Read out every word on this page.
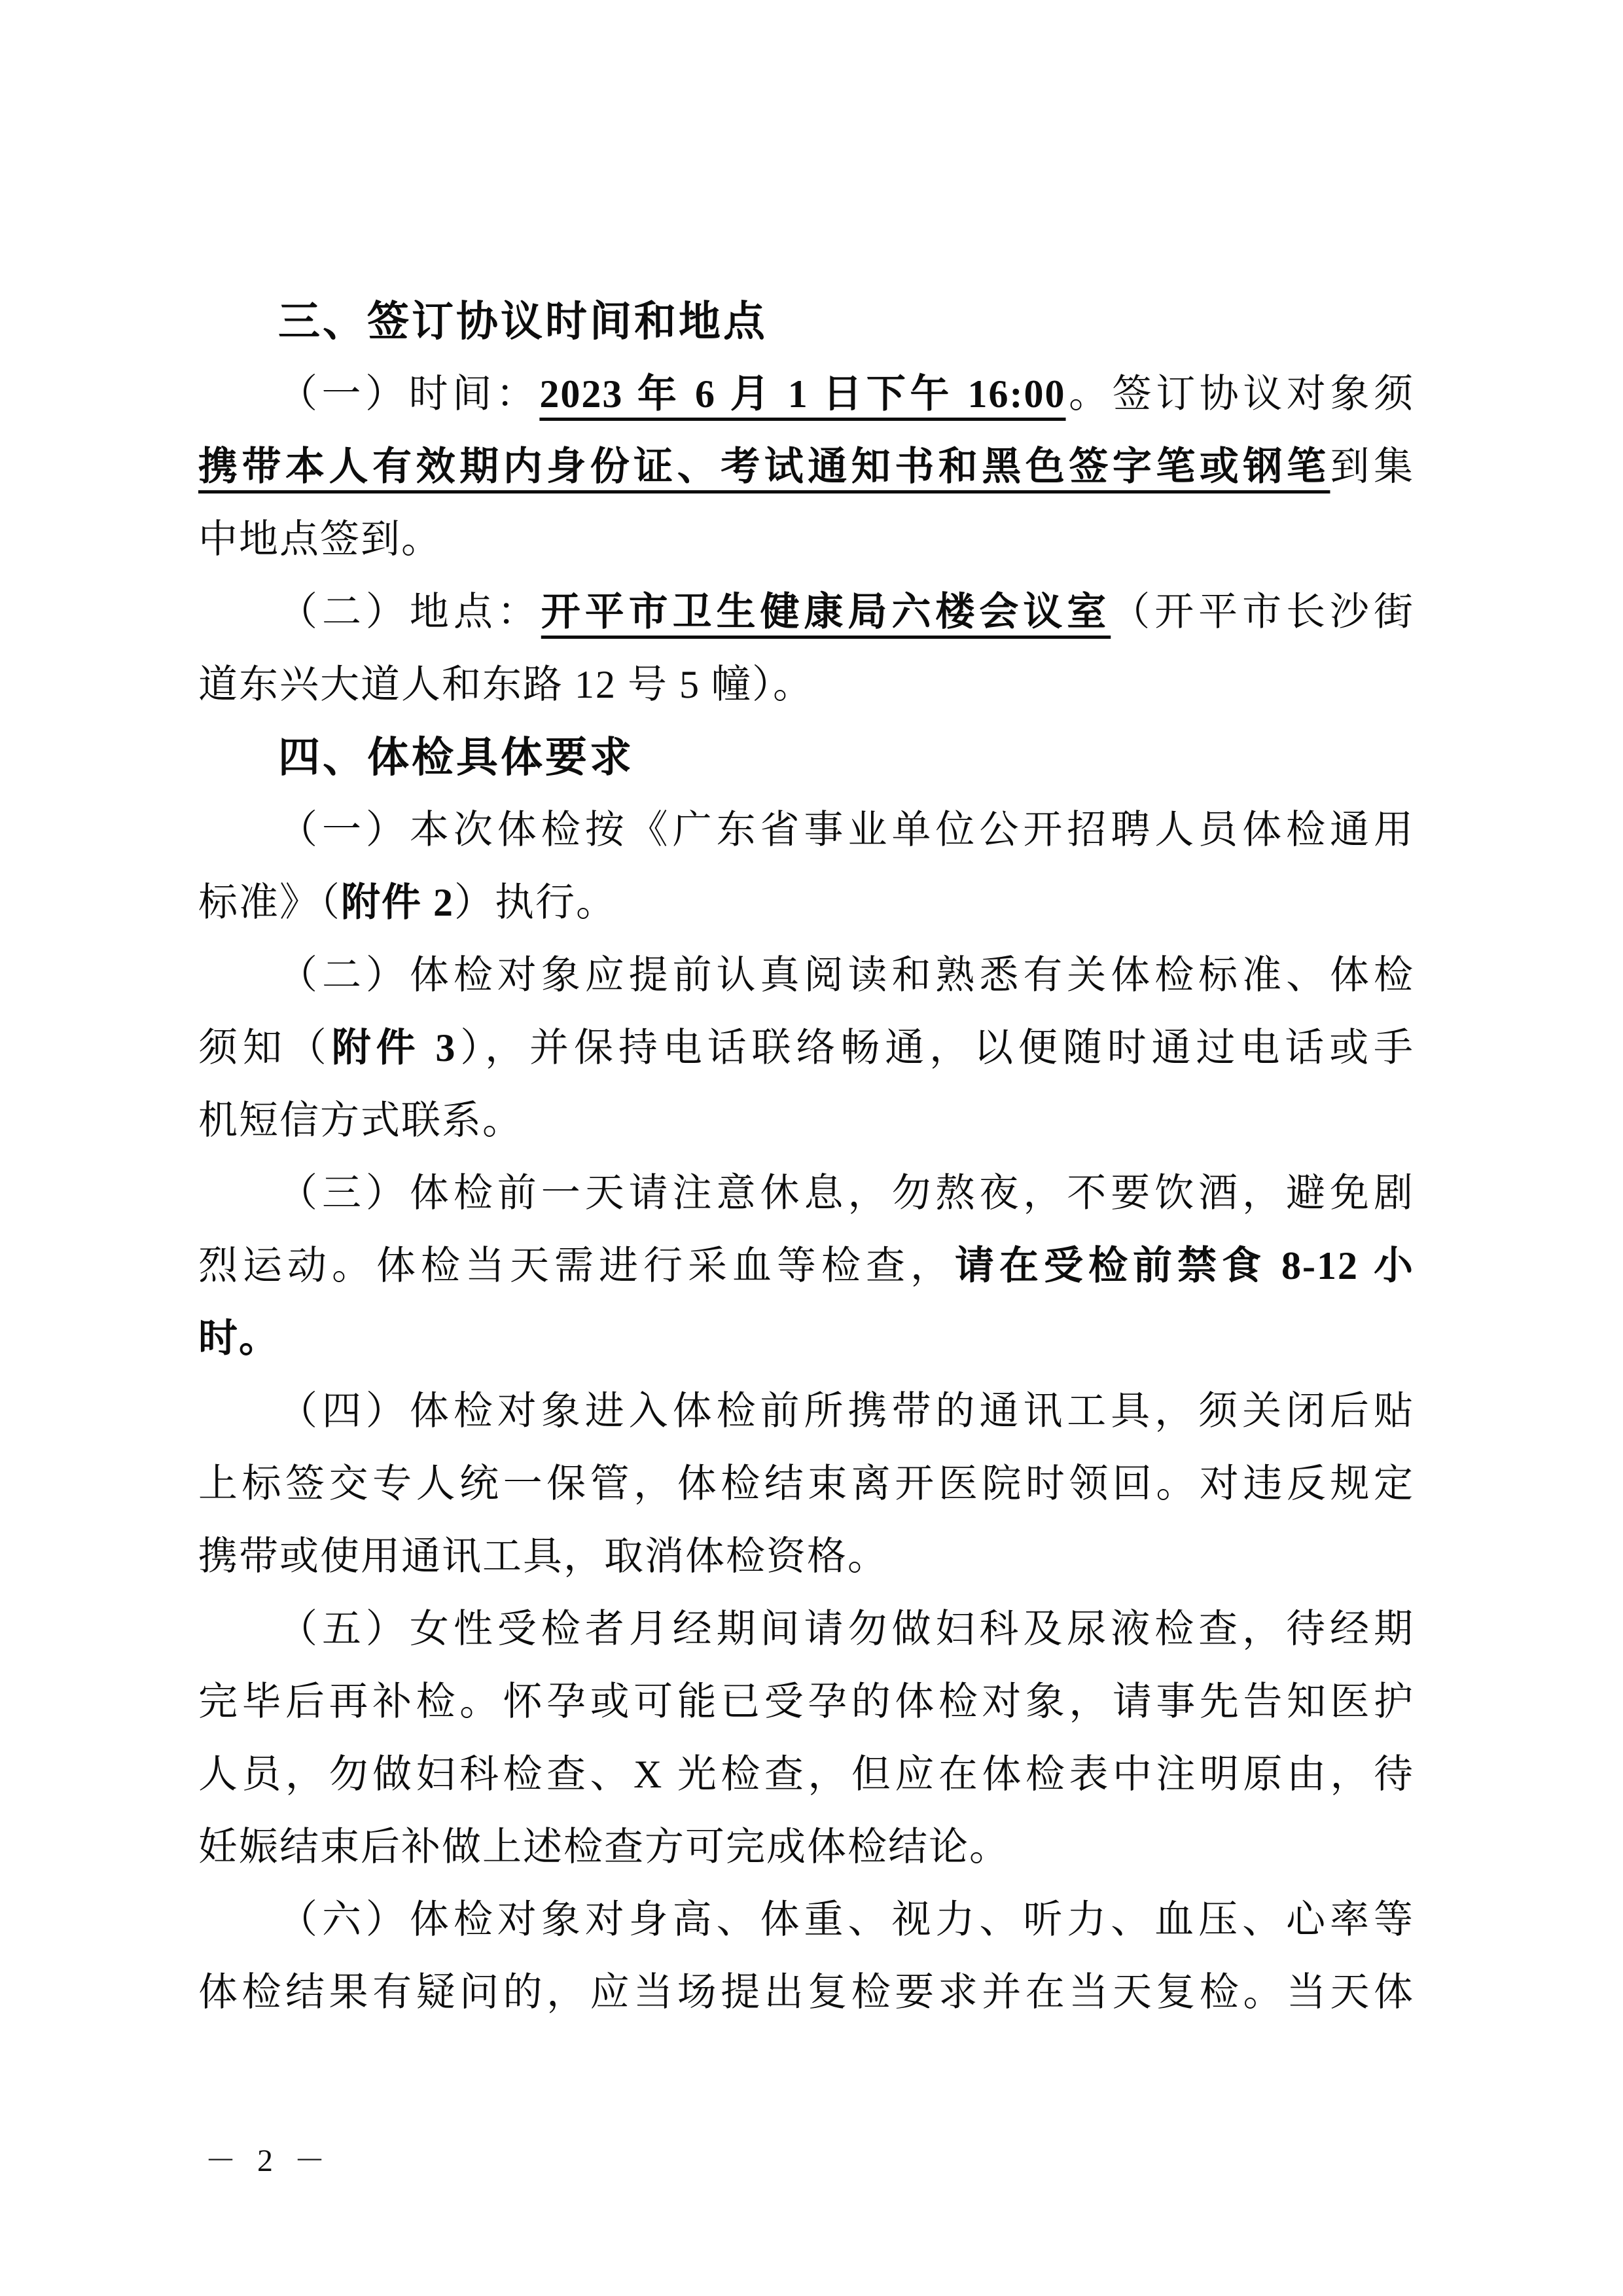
三、签订协议时间和地点
（一）时间：2023 年 6 月 1 日下午 16:00。签订协议对象须
携带本人有效期内身份证、考试通知书和黑色签字笔或钢笔到集
中地点签到。
（二）地点：开平市卫生健康局六楼会议室（开平市长沙街
道东兴大道人和东路 12 号 5 幢）。
四、体检具体要求
（一）本次体检按《广东省事业单位公开招聘人员体检通用
标准》（附件 2）执行。
（二）体检对象应提前认真阅读和熟悉有关体检标准、体检
须知（附件 3），并保持电话联络畅通，以便随时通过电话或手
机短信方式联系。
（三）体检前一天请注意休息，勿熬夜，不要饮酒，避免剧
烈运动。体检当天需进行采血等检查，请在受检前禁食 8-12 小
时。
（四）体检对象进入体检前所携带的通讯工具，须关闭后贴
上标签交专人统一保管，体检结束离开医院时领回。对违反规定
携带或使用通讯工具，取消体检资格。
（五）女性受检者月经期间请勿做妇科及尿液检查，待经期
完毕后再补检。怀孕或可能已受孕的体检对象，请事先告知医护
人员，勿做妇科检查、X 光检查，但应在体检表中注明原由，待
妊娠结束后补做上述检查方可完成体检结论。
（六）体检对象对身高、体重、视力、听力、血压、心率等
体检结果有疑问的，应当场提出复检要求并在当天复检。当天体
－ 2 －
